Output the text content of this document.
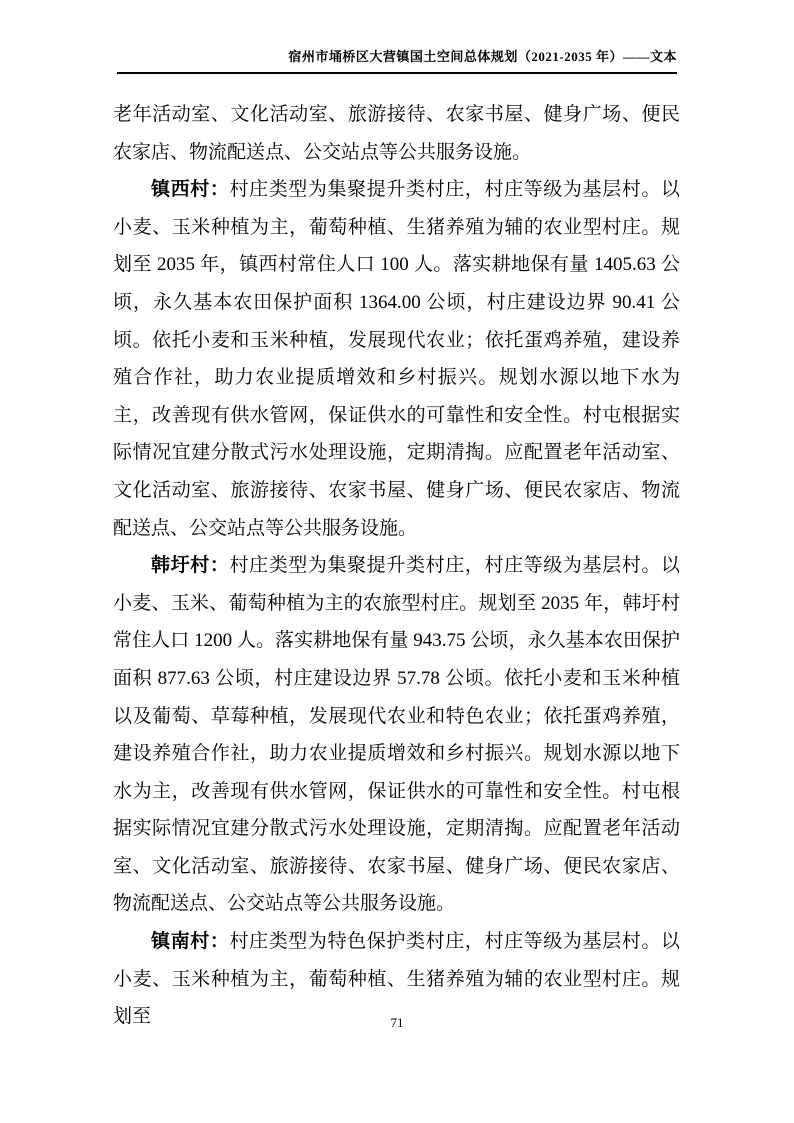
宿州市埇桥区大营镇国土空间总体规划（2021-2035 年）——文本

老年活动室、文化活动室、旅游接待、农家书屋、健身广场、便民农家店、物流配送点、公交站点等公共服务设施。

镇西村：村庄类型为集聚提升类村庄，村庄等级为基层村。以小麦、玉米种植为主，葡萄种植、生猪养殖为辅的农业型村庄。规划至 2035 年，镇西村常住人口 100 人。落实耕地保有量 1405.63 公顷，永久基本农田保护面积 1364.00 公顷，村庄建设边界 90.41 公顷。依托小麦和玉米种植，发展现代农业；依托蛋鸡养殖，建设养殖合作社，助力农业提质增效和乡村振兴。规划水源以地下水为主，改善现有供水管网，保证供水的可靠性和安全性。村屯根据实际情况宜建分散式污水处理设施，定期清掏。应配置老年活动室、文化活动室、旅游接待、农家书屋、健身广场、便民农家店、物流配送点、公交站点等公共服务设施。

韩圩村：村庄类型为集聚提升类村庄，村庄等级为基层村。以小麦、玉米、葡萄种植为主的农旅型村庄。规划至 2035 年，韩圩村常住人口 1200 人。落实耕地保有量 943.75 公顷，永久基本农田保护面积 877.63 公顷，村庄建设边界 57.78 公顷。依托小麦和玉米种植以及葡萄、草莓种植，发展现代农业和特色农业；依托蛋鸡养殖，建设养殖合作社，助力农业提质增效和乡村振兴。规划水源以地下水为主，改善现有供水管网，保证供水的可靠性和安全性。村屯根据实际情况宜建分散式污水处理设施，定期清掏。应配置老年活动室、文化活动室、旅游接待、农家书屋、健身广场、便民农家店、物流配送点、公交站点等公共服务设施。

镇南村：村庄类型为特色保护类村庄，村庄等级为基层村。以小麦、玉米种植为主，葡萄种植、生猪养殖为辅的农业型村庄。规划至	71
